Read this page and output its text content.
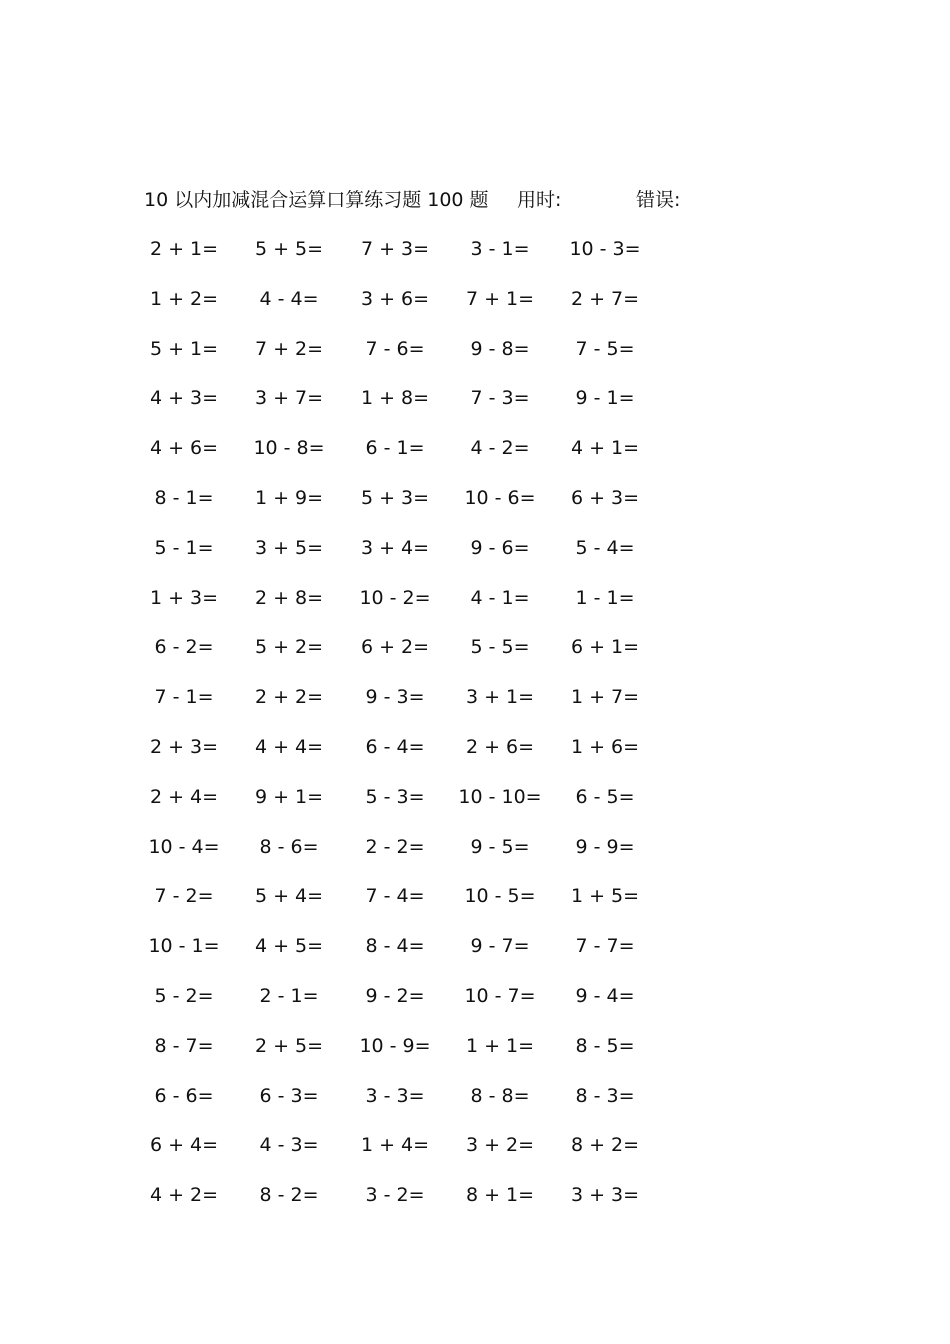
10 以内加减混合运算口算练习题 100 题 用时:	错误:
2 + 1=	5 + 5=	7 + 3=	3 - 1=	10 - 3=
1 + 2=	4 - 4=	3 + 6=	7 + 1=	2 + 7=
5 + 1=	7 + 2=	7 - 6=	9 - 8=	7 - 5=
4 + 3=	3 + 7=	1 + 8=	7 - 3=	9 - 1=
4 + 6=	10 - 8=	6 - 1=	4 - 2=	4 + 1=
8 - 1=	1 + 9=	5 + 3=	10 - 6=	6 + 3=
5 - 1=	3 + 5=	3 + 4=	9 - 6=	5 - 4=
1 + 3=	2 + 8=	10 - 2=	4 - 1=	1 - 1=
6 - 2=	5 + 2=	6 + 2=	5 - 5=	6 + 1=
7 - 1=	2 + 2=	9 - 3=	3 + 1=	1 + 7=
2 + 3=	4 + 4=	6 - 4=	2 + 6=	1 + 6=
2 + 4=	9 + 1=	5 - 3=	10 - 10=	6 - 5=
10 - 4=	8 - 6=	2 - 2=	9 - 5=	9 - 9=
7 - 2=	5 + 4=	7 - 4=	10 - 5=	1 + 5=
10 - 1=	4 + 5=	8 - 4=	9 - 7=	7 - 7=
5 - 2=	2 - 1=	9 - 2=	10 - 7=	9 - 4=
8 - 7=	2 + 5=	10 - 9=	1 + 1=	8 - 5=
6 - 6=	6 - 3=	3 - 3=	8 - 8=	8 - 3=
6 + 4=	4 - 3=	1 + 4=	3 + 2=	8 + 2=
4 + 2=	8 - 2=	3 - 2=	8 + 1=	3 + 3=
